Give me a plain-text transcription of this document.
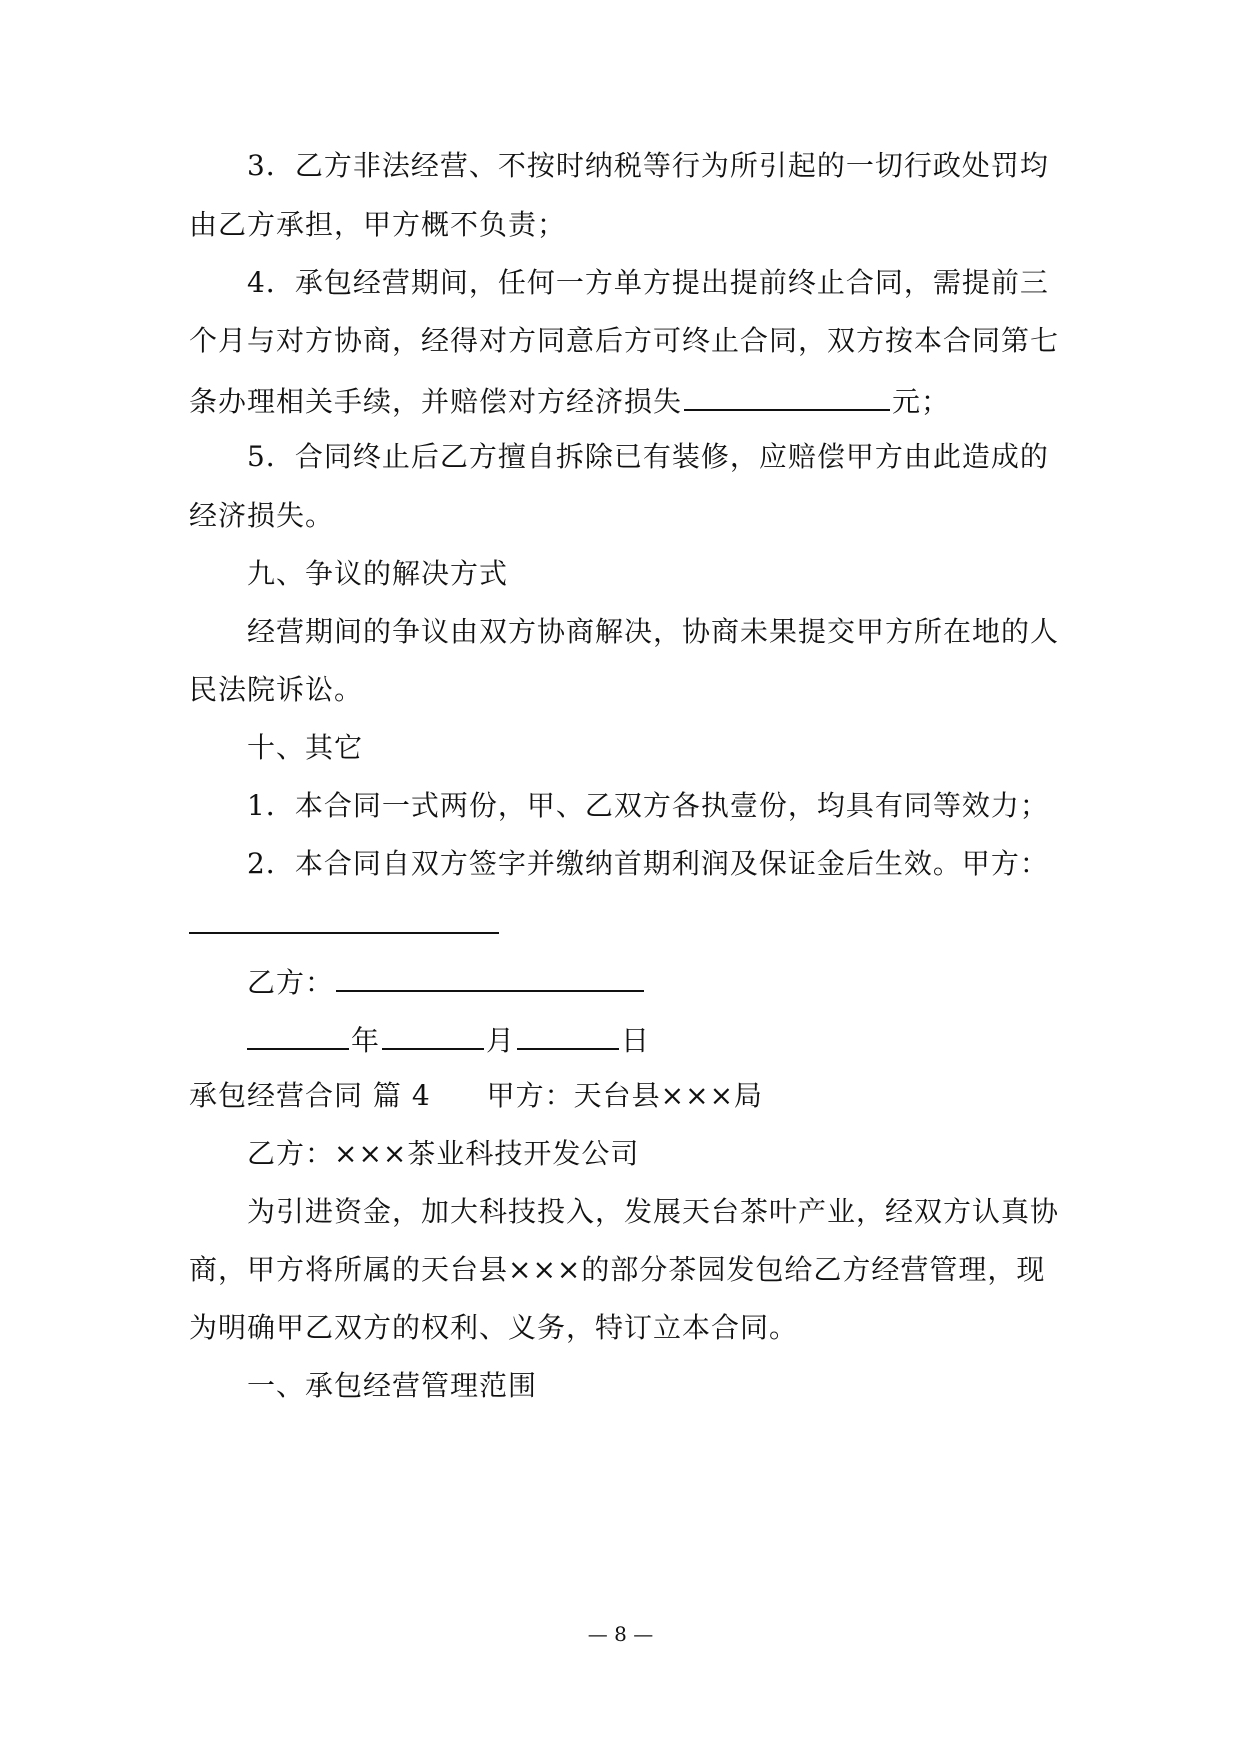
3．乙方非法经营、不按时纳税等行为所引起的一切行政处罚均
由乙方承担，甲方概不负责；
4．承包经营期间，任何一方单方提出提前终止合同，需提前三
个月与对方协商，经得对方同意后方可终止合同，双方按本合同第七
条办理相关手续，并赔偿对方经济损失	元；
5．合同终止后乙方擅自拆除已有装修，应赔偿甲方由此造成的
经济损失。
九、争议的解决方式
经营期间的争议由双方协商解决，协商未果提交甲方所在地的人
民法院诉讼。
十、其它
1．本合同一式两份，甲、乙双方各执壹份，均具有同等效力；
2．本合同自双方签字并缴纳首期利润及保证金后生效。甲方：
乙方：
年	月	日
承包经营合同 篇 4 甲方：天台县×××局
乙方：×××茶业科技开发公司
为引进资金，加大科技投入，发展天台茶叶产业，经双方认真协
商，甲方将所属的天台县×××的部分茶园发包给乙方经营管理，现
为明确甲乙双方的权利、义务，特订立本合同。
一、承包经营管理范围
— 8 —
